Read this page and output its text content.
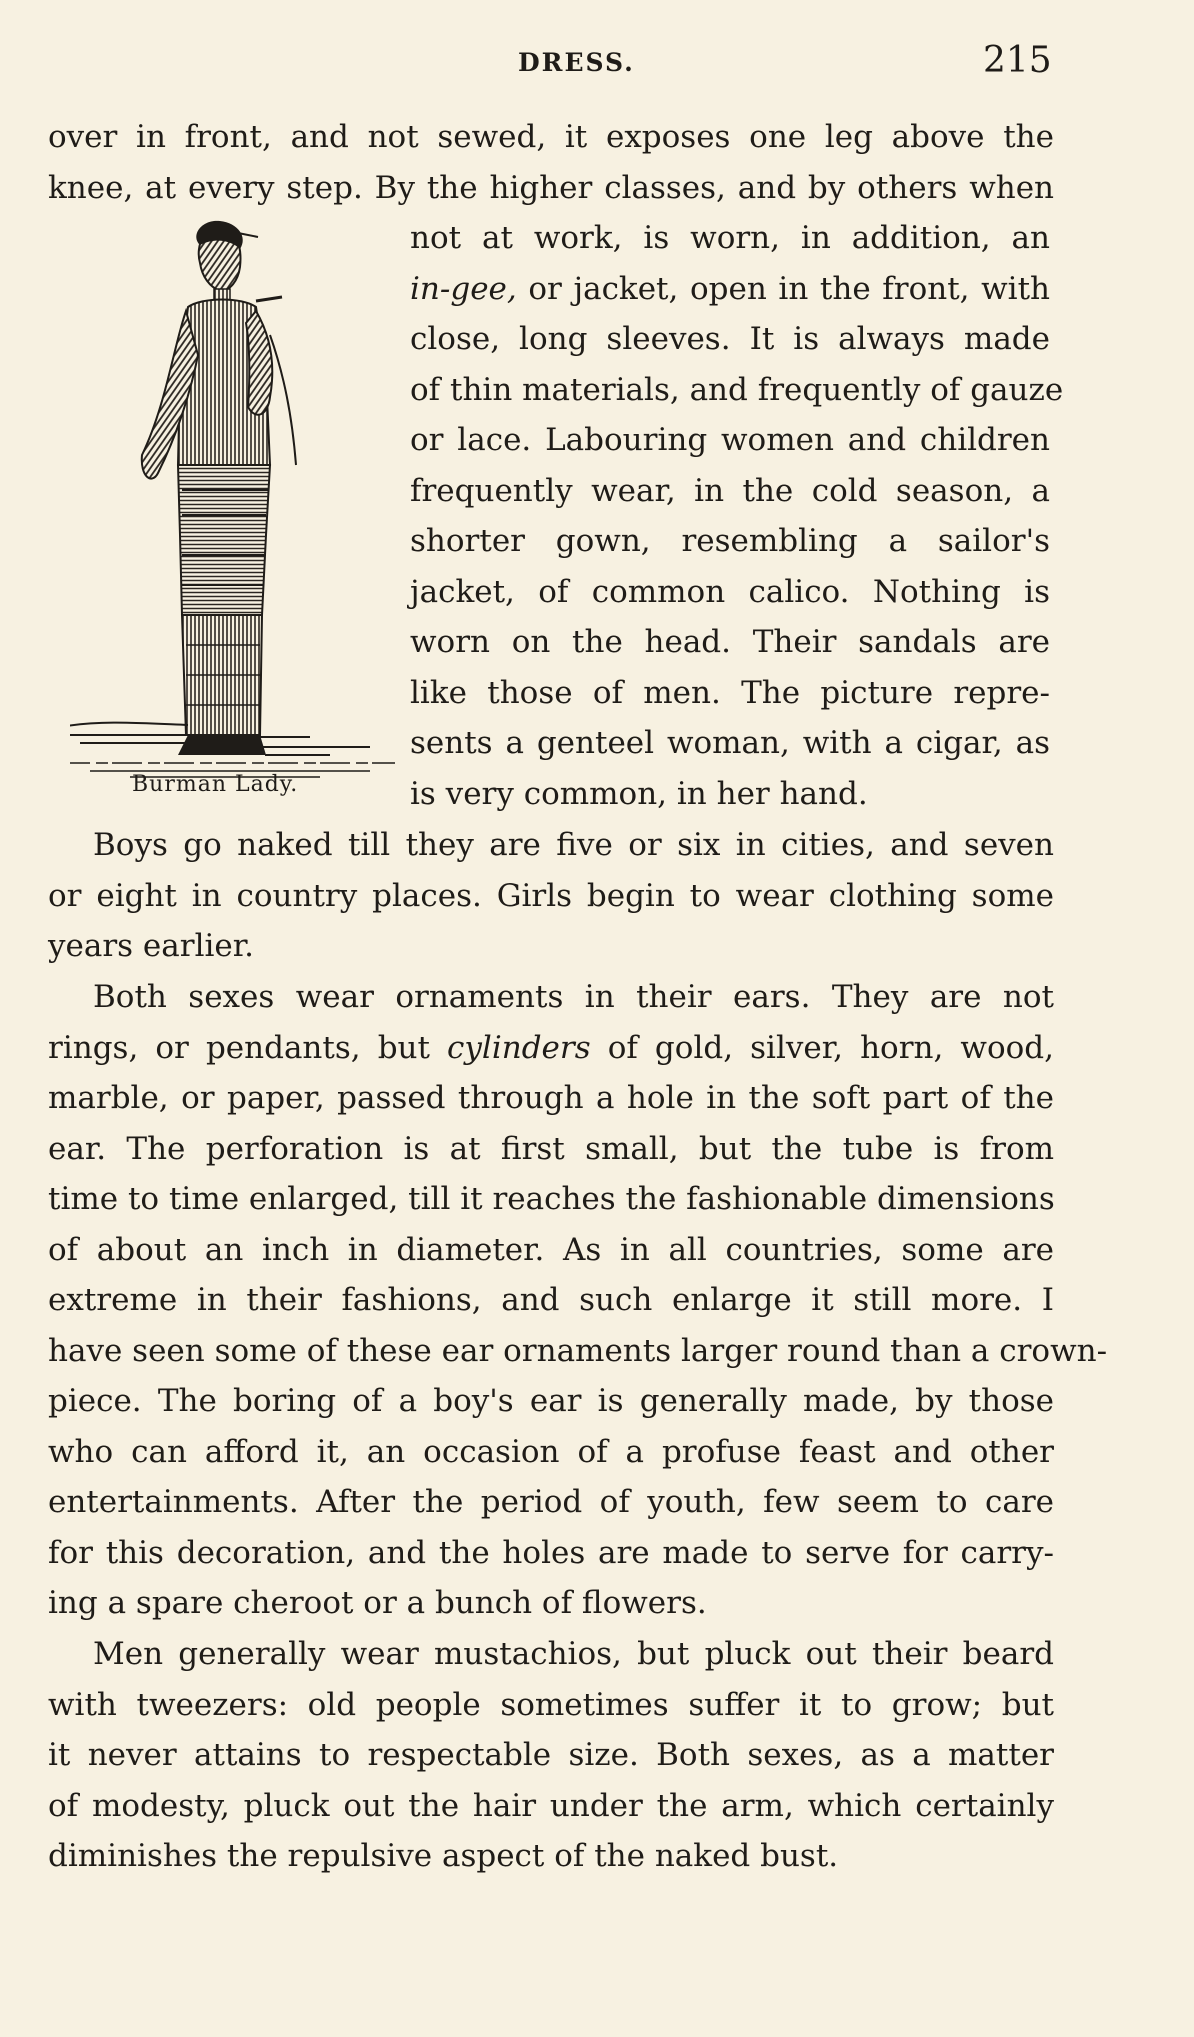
DRESS.	215
over in front, and not sewed, it exposes one leg above the
knee, at every step. By the higher classes, and by others when
Burman Lady.
not at work, is worn, in addition, an
in-gee, or jacket, open in the front, with
close, long sleeves. It is always made
of thin materials, and frequently of gauze
or lace. Labouring women and children
frequently wear, in the cold season, a
shorter gown, resembling a sailor's
jacket, of common calico. Nothing is
worn on the head. Their sandals are
like those of men. The picture repre-
sents a genteel woman, with a cigar, as
is very common, in her hand.
Boys go naked till they are five or six in cities, and seven
or eight in country places. Girls begin to wear clothing some
years earlier.
Both sexes wear ornaments in their ears. They are not
rings, or pendants, but cylinders of gold, silver, horn, wood,
marble, or paper, passed through a hole in the soft part of the
ear. The perforation is at first small, but the tube is from
time to time enlarged, till it reaches the fashionable dimensions
of about an inch in diameter. As in all countries, some are
extreme in their fashions, and such enlarge it still more. I
have seen some of these ear ornaments larger round than a crown-
piece. The boring of a boy's ear is generally made, by those
who can afford it, an occasion of a profuse feast and other
entertainments. After the period of youth, few seem to care
for this decoration, and the holes are made to serve for carry-
ing a spare cheroot or a bunch of flowers.
Men generally wear mustachios, but pluck out their beard
with tweezers: old people sometimes suffer it to grow; but
it never attains to respectable size. Both sexes, as a matter
of modesty, pluck out the hair under the arm, which certainly
diminishes the repulsive aspect of the naked bust.
